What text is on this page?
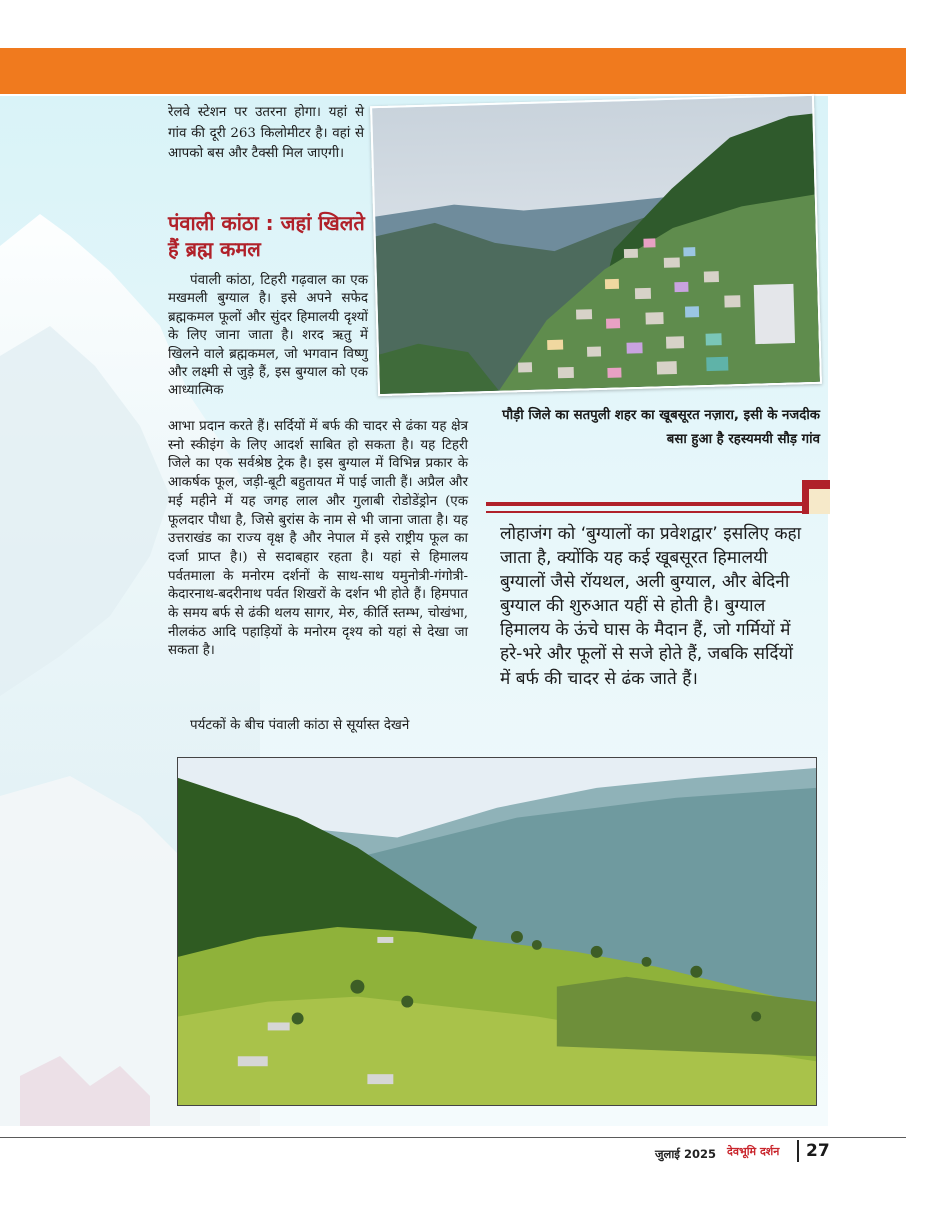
रेलवे स्टेशन पर उतरना होगा। यहां से गांव की दूरी 263 किलोमीटर है। वहां से आपको बस और टैक्सी मिल जाएगी।
पंवाली कांठा : जहां खिलते हैं ब्रह्म कमल

पंवाली कांठा, टिहरी गढ़वाल का एक मखमली बुग्याल है। इसे अपने सफेद ब्रह्मकमल फूलों और सुंदर हिमालयी दृश्यों के लिए जाना जाता है। शरद ऋतु में खिलने वाले ब्रह्मकमल, जो भगवान विष्णु और लक्ष्मी से जुड़े हैं, इस बुग्याल को एक आध्यात्मिक

आभा प्रदान करते हैं। सर्दियों में बर्फ की चादर से ढंका यह क्षेत्र स्नो स्कीइंग के लिए आदर्श साबित हो सकता है। यह टिहरी जिले का एक सर्वश्रेष्ठ ट्रेक है। इस बुग्याल में विभिन्न प्रकार के आकर्षक फूल, जड़ी-बूटी बहुतायत में पाई जाती हैं। अप्रैल और मई महीने में यह जगह लाल और गुलाबी रोडोडेंड्रोन (एक फूलदार पौधा है, जिसे बुरांस के नाम से भी जाना जाता है। यह उत्तराखंड का राज्य वृक्ष है और नेपाल में इसे राष्ट्रीय फूल का दर्जा प्राप्त है।) से सदाबहार रहता है। यहां से हिमालय पर्वतमाला के मनोरम दर्शनों के साथ-साथ यमुनोत्री-गंगोत्री-केदारनाथ-बदरीनाथ पर्वत शिखरों के दर्शन भी होते हैं। हिमपात के समय बर्फ से ढंकी थलय सागर, मेरु, कीर्ति स्तम्भ, चोखंभा, नीलकंठ आदि पहाड़ियों के मनोरम दृश्य को यहां से देखा जा सकता है।
पर्यटकों के बीच पंवाली कांठा से सूर्यास्त देखने
पौड़ी जिले का सतपुली शहर का खूबसूरत नज़ारा, इसी के नजदीक बसा हुआ है रहस्यमयी सौड़ गांव
लोहाजंग को ‘बुग्यालों का प्रवेशद्वार’ इसलिए कहा जाता है, क्योंकि यह कई खूबसूरत हिमालयी बुग्यालों जैसे रॉयथल, अली बुग्याल, और बेदिनी बुग्याल की शुरुआत यहीं से होती है। बुग्याल हिमालय के ऊंचे घास के मैदान हैं, जो गर्मियों में हरे-भरे और फूलों से सजे होते हैं, जबकि सर्दियों में बर्फ की चादर से ढंक जाते हैं।
जुलाई 2025 देवभूमि दर्शन 27
